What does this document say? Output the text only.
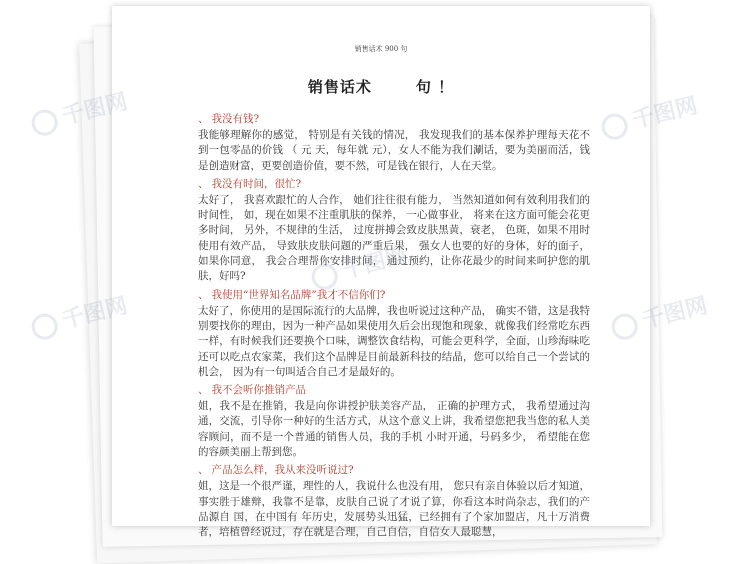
销售话术 900 句
销售话术	句 ！
、 我没有钱?

我能够理解你的感觉， 特别是有关钱的情况， 我发现我们的基本保养护理每天花不到一包零品的价钱 （ 元 天，每年就 元），女人不能为我们涮话，要为美丽而活，钱是创造财富，更要创造价值，要不然，可是钱在银行，人在天堂。

、 我没有时间，很忙?

太好了， 我喜欢跟忙的人合作， 她们往往很有能力， 当然知道如何有效利用我们的时间性， 如，现在如果不注重肌肤的保养， 一心做事业， 将来在这方面可能会花更多时间， 另外，不规律的生活， 过度拼搏会致皮肤黑黄，衰老， 色斑，如果不用时使用有效产品， 导致肤皮肤问题的严重后果， 强女人也要的好的身体，好的面子， 如果你同意， 我会合理帮你安排时间， 通过预约，让你花最少的时间来呵护您的肌肤，好吗?

、 我使用“世界知名品牌”我才不信你们?

太好了，你使用的是国际流行的大品牌，我也听说过这种产品， 确实不错，这是我特别要找你的理由，因为一种产品如果使用久后会出现饱和现象，就像我们经常吃东西一样，有时候我们还要换个口味，调整饮食结构，可能会更科学，全面，山珍海味吃还可以吃点农家菜，我们这个品牌是目前最新科技的结晶，您可以给自己一个尝试的机会， 因为有一句叫适合自己才是最好的。

、 我不会听你推销产品

姐，我不是在推销，我是向你讲授护肤美容产品， 正确的护理方式， 我希望通过沟通，交流，引导你一种好的生活方式，从这个意义上讲，我希望您把我当您的私人美容顾问，而不是一个普通的销售人员，我的手机 小时开通，号码多少， 希望能在您的容颜美丽上帮到您。

、 产品怎么样，我从来没听说过?

姐，这是一个很严谨，理性的人，我说什么也没有用， 您只有亲自体验以后才知道，事实胜于雄辩，我靠不是靠，皮肤自己说了才说了算，你看这本时尚杂志，我们的产品源自 国，在中国有 年历史，发展势头迅猛，已经拥有了个家加盟店，凡十万消费者，培植曾经说过，存在就是合理，自己自信，自信女人最聪慧，

千图网
千图网
